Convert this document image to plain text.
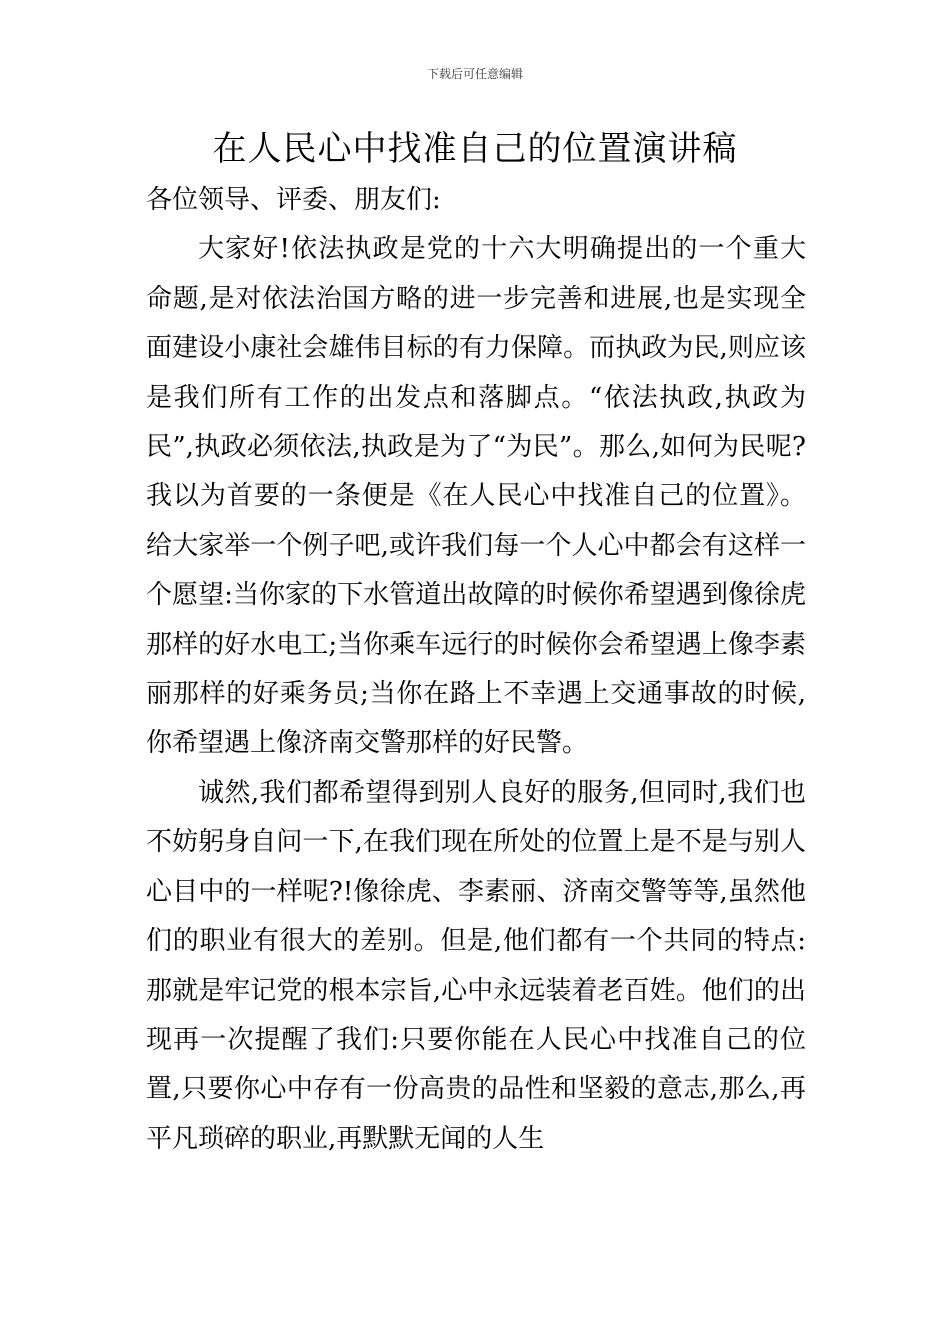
下载后可任意编辑
在人民心中找准自己的位置演讲稿

各位领导、评委、朋友们:

大家好!依法执政是党的十六大明确提出的一个重大命题,是对依法治国方略的进一步完善和进展,也是实现全面建设小康社会雄伟目标的有力保障。而执政为民,则应该是我们所有工作的出发点和落脚点。“依法执政,执政为民”,执政必须依法,执政是为了“为民”。那么,如何为民呢?我以为首要的一条便是《在人民心中找准自己的位置》。给大家举一个例子吧,或许我们每一个人心中都会有这样一个愿望:当你家的下水管道出故障的时候你希望遇到像徐虎那样的好水电工;当你乘车远行的时候你会希望遇上像李素丽那样的好乘务员;当你在路上不幸遇上交通事故的时候,你希望遇上像济南交警那样的好民警。

诚然,我们都希望得到别人良好的服务,但同时,我们也不妨躬身自问一下,在我们现在所处的位置上是不是与别人心目中的一样呢?!像徐虎、李素丽、济南交警等等,虽然他们的职业有很大的差别。但是,他们都有一个共同的特点:那就是牢记党的根本宗旨,心中永远装着老百姓。他们的出现再一次提醒了我们:只要你能在人民心中找准自己的位置,只要你心中存有一份高贵的品性和坚毅的意志,那么,再平凡琐碎的职业,再默默无闻的人生
